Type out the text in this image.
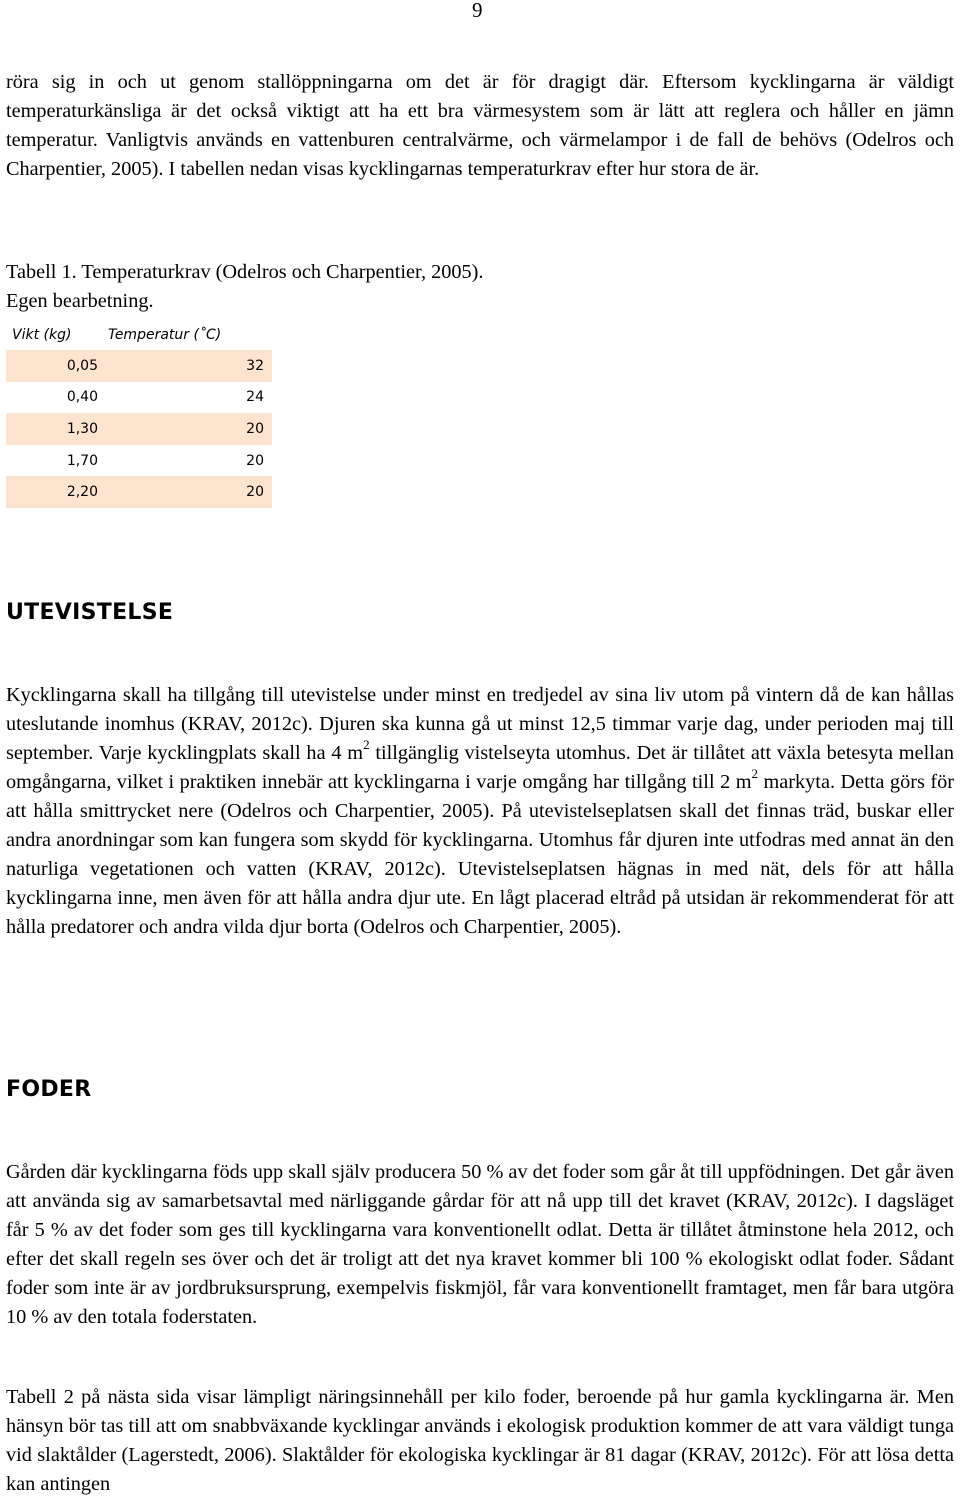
9

röra sig in och ut genom stallöppningarna om det är för dragigt där. Eftersom kycklingarna är väldigt temperaturkänsliga är det också viktigt att ha ett bra värmesystem som är lätt att reglera och håller en jämn temperatur. Vanligtvis används en vattenburen centralvärme, och värmelampor i de fall de behövs (Odelros och Charpentier, 2005). I tabellen nedan visas kycklingarnas temperaturkrav efter hur stora de är.

Tabell 1. Temperaturkrav (Odelros och Charpentier, 2005).
Egen bearbetning.

Vikt (kg)	Temperatur (˚C)
0,05	32
0,40	24
1,30	20
1,70	20
2,20	20
UTEVISTELSE

Kycklingarna skall ha tillgång till utevistelse under minst en tredjedel av sina liv utom på vintern då de kan hållas uteslutande inomhus (KRAV, 2012c). Djuren ska kunna gå ut minst 12,5 timmar varje dag, under perioden maj till september. Varje kycklingplats skall ha 4 $m^2$ tillgänglig vistelseyta utomhus. Det är tillåtet att växla betesyta mellan omgångarna, vilket i praktiken innebär att kycklingarna i varje omgång har tillgång till 2 $m^2$ markyta. Detta görs för att hålla smittrycket nere (Odelros och Charpentier, 2005). På utevistelseplatsen skall det finnas träd, buskar eller andra anordningar som kan fungera som skydd för kycklingarna. Utomhus får djuren inte utfodras med annat än den naturliga vegetationen och vatten (KRAV, 2012c). Utevistelseplatsen hägnas in med nät, dels för att hålla kycklingarna inne, men även för att hålla andra djur ute. En lågt placerad eltråd på utsidan är rekommenderat för att hålla predatorer och andra vilda djur borta (Odelros och Charpentier, 2005).

FODER

Gården där kycklingarna föds upp skall själv producera 50 % av det foder som går åt till uppfödningen. Det går även att använda sig av samarbetsavtal med närliggande gårdar för att nå upp till det kravet (KRAV, 2012c). I dagsläget får 5 % av det foder som ges till kycklingarna vara konventionellt odlat. Detta är tillåtet åtminstone hela 2012, och efter det skall regeln ses över och det är troligt att det nya kravet kommer bli 100 % ekologiskt odlat foder. Sådant foder som inte är av jordbruksursprung, exempelvis fiskmjöl, får vara konventionellt framtaget, men får bara utgöra 10 % av den totala foderstaten.

Tabell 2 på nästa sida visar lämpligt näringsinnehåll per kilo foder, beroende på hur gamla kycklingarna är. Men hänsyn bör tas till att om snabbväxande kycklingar används i ekologisk produktion kommer de att vara väldigt tunga vid slaktålder (Lagerstedt, 2006). Slaktålder för ekologiska kycklingar är 81 dagar (KRAV, 2012c). För att lösa detta kan antingen
